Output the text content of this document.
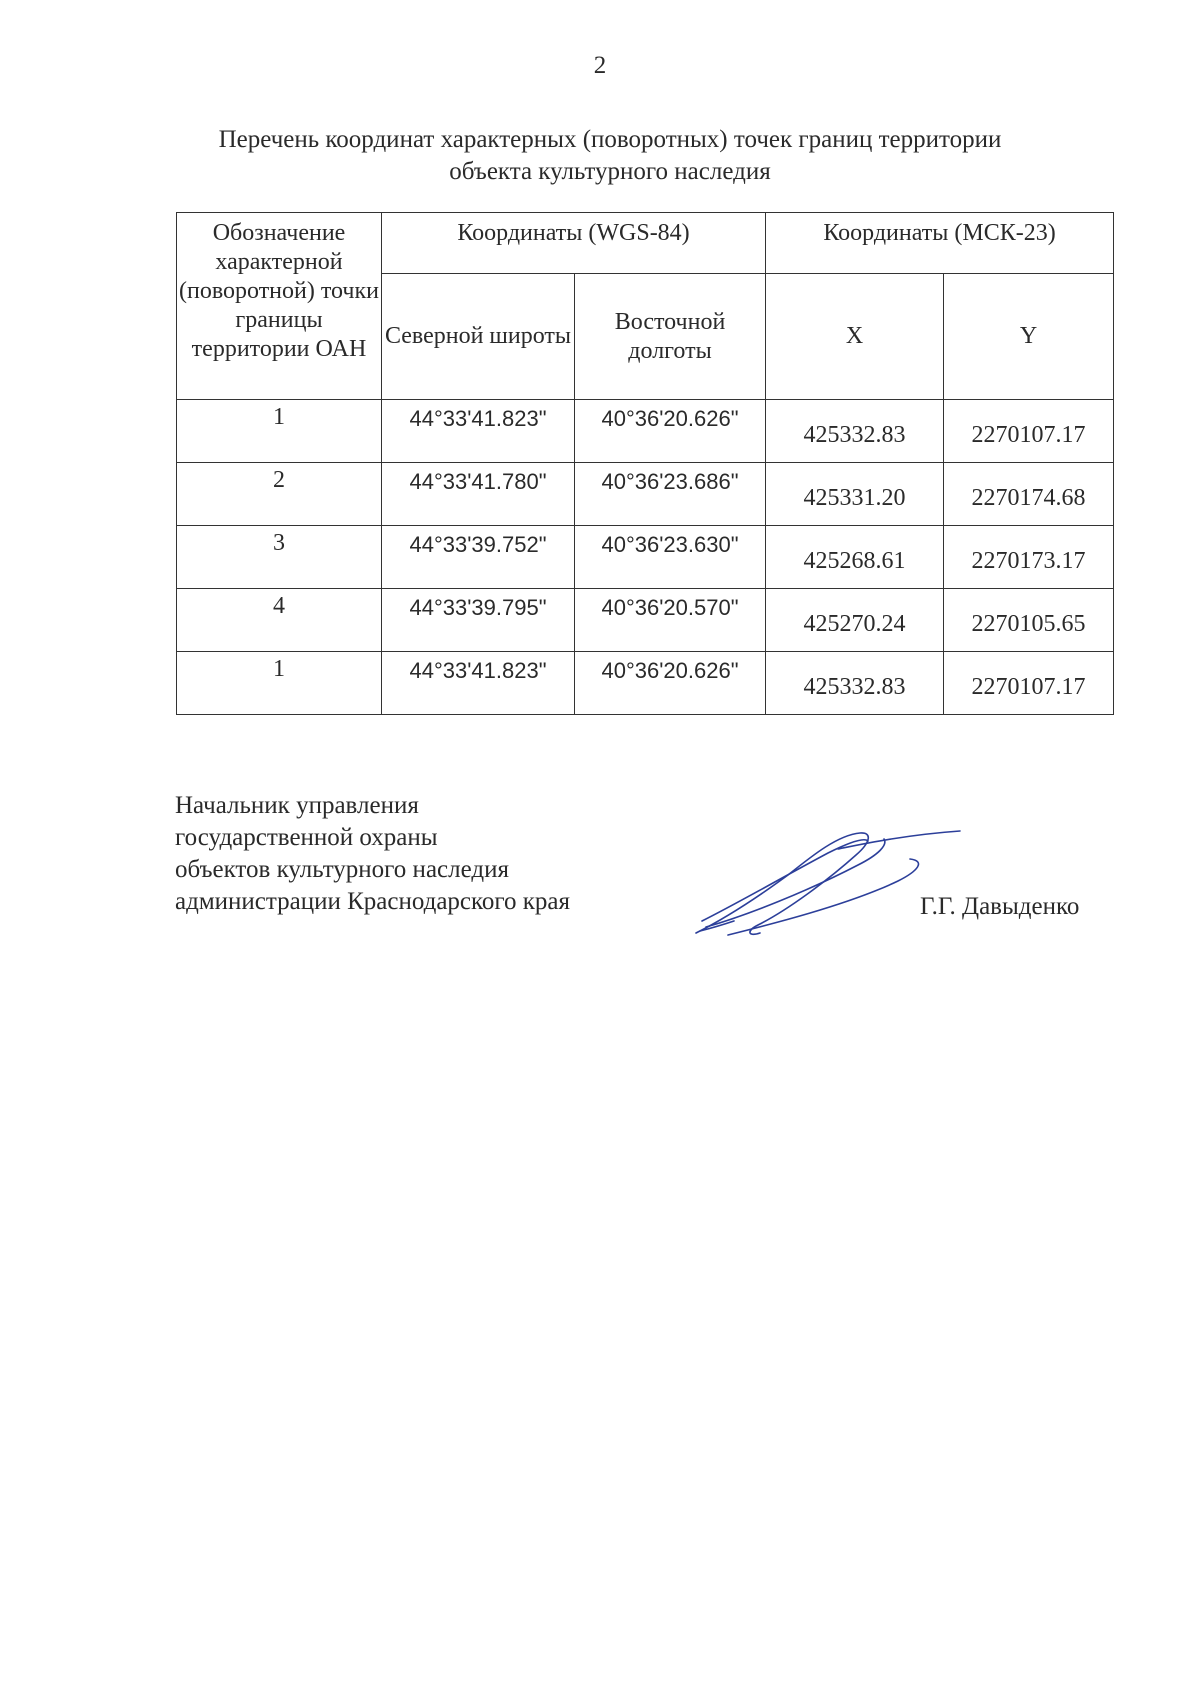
2
Перечень координат характерных (поворотных) точек границ территории
объекта культурного наследия
Обозначение характерной (поворотной) точки границы территории ОАН	Координаты (WGS-84)		Координаты (МСК-23)	
	Северной широты	Восточной долготы	X	Y
1	44°33'41.823"	40°36'20.626"	425332.83	2270107.17
2	44°33'41.780"	40°36'23.686"	425331.20	2270174.68
3	44°33'39.752"	40°36'23.630"	425268.61	2270173.17
4	44°33'39.795"	40°36'20.570"	425270.24	2270105.65
1	44°33'41.823"	40°36'20.626"	425332.83	2270107.17
Начальник управления
государственной охраны
объектов культурного наследия
администрации Краснодарского края	Г.Г. Давыденко
